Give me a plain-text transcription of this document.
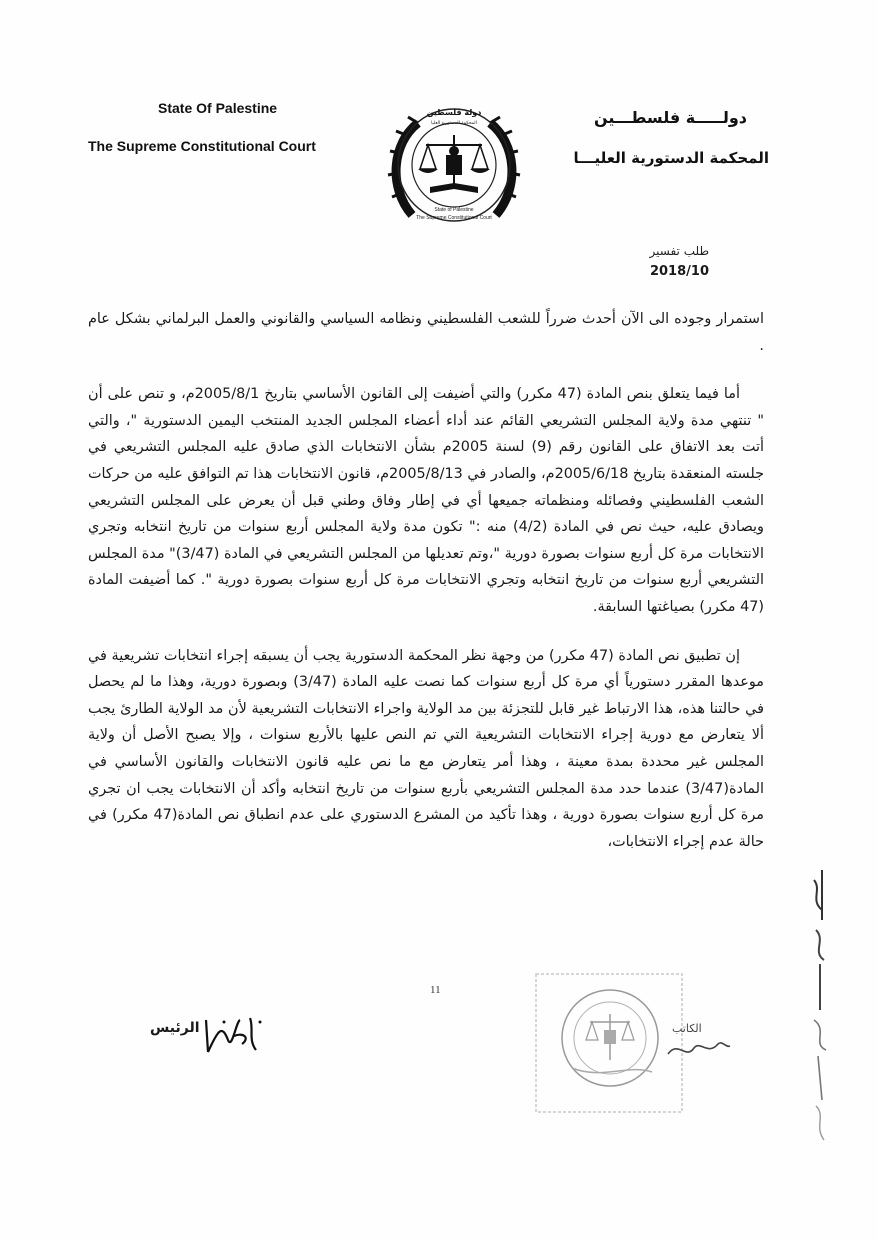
State Of Palestine
The Supreme Constitutional Court
دولة فلسطين
المحكمة الدستورية العليا
State of Palestine
The Supreme Constitutional Court
دولـــــة فلسطـــين
المحكمة الدستورية العليـــا
طلب تفسير
2018/10

استمرار وجوده الى الآن أحدث ضرراً للشعب الفلسطيني ونظامه السياسي والقانوني والعمل البرلماني بشكل عام .

أما فيما يتعلق بنص المادة (47 مكرر) والتي أضيفت إلى القانون الأساسي بتاريخ 2005/8/1م، و تنص على أن " تنتهي مدة ولاية المجلس التشريعي القائم عند أداء أعضاء المجلس الجديد المنتخب اليمين الدستورية "، والتي أتت بعد الاتفاق على القانون رقم (9) لسنة 2005م بشأن الانتخابات الذي صادق عليه المجلس التشريعي في جلسته المنعقدة بتاريخ 2005/6/18م، والصادر في 2005/8/13م، قانون الانتخابات هذا تم التوافق عليه من حركات الشعب الفلسطيني وفصائله ومنظماته جميعها أي في إطار وفاق وطني قبل أن يعرض على المجلس التشريعي ويصادق عليه، حيث نص في المادة (4/2) منه :" تكون مدة ولاية المجلس أربع سنوات من تاريخ انتخابه وتجري الانتخابات مرة كل أربع سنوات بصورة دورية "،وتم تعديلها من المجلس التشريعي في المادة (3/47)" مدة المجلس التشريعي أربع سنوات من تاريخ انتخابه وتجري الانتخابات مرة كل أربع سنوات بصورة دورية ". كما أضيفت المادة (47 مكرر) بصياغتها السابقة.

إن تطبيق نص المادة (47 مكرر) من وجهة نظر المحكمة الدستورية يجب أن يسبقه إجراء انتخابات تشريعية في موعدها المقرر دستورياً أي مرة كل أربع سنوات كما نصت عليه المادة (3/47) وبصورة دورية، وهذا ما لم يحصل في حالتنا هذه، هذا الارتباط غير قابل للتجزئة بين مد الولاية واجراء الانتخابات التشريعية لأن مد الولاية الطارئ يجب ألا يتعارض مع دورية إجراء الانتخابات التشريعية التي تم النص عليها بالأربع سنوات ، وإلا يصبح الأصل أن ولاية المجلس غير محددة بمدة معينة ، وهذا أمر يتعارض مع ما نص عليه قانون الانتخابات والقانون الأساسي في المادة(3/47) عندما حدد مدة المجلس التشريعي بأربع سنوات من تاريخ انتخابه وأكد أن الانتخابات يجب ان تجري مرة كل أربع سنوات بصورة دورية ، وهذا تأكيد من المشرع الدستوري على عدم انطباق نص المادة(47 مكرر) في حالة عدم إجراء الانتخابات،

11
الرئيس	الكاتب
